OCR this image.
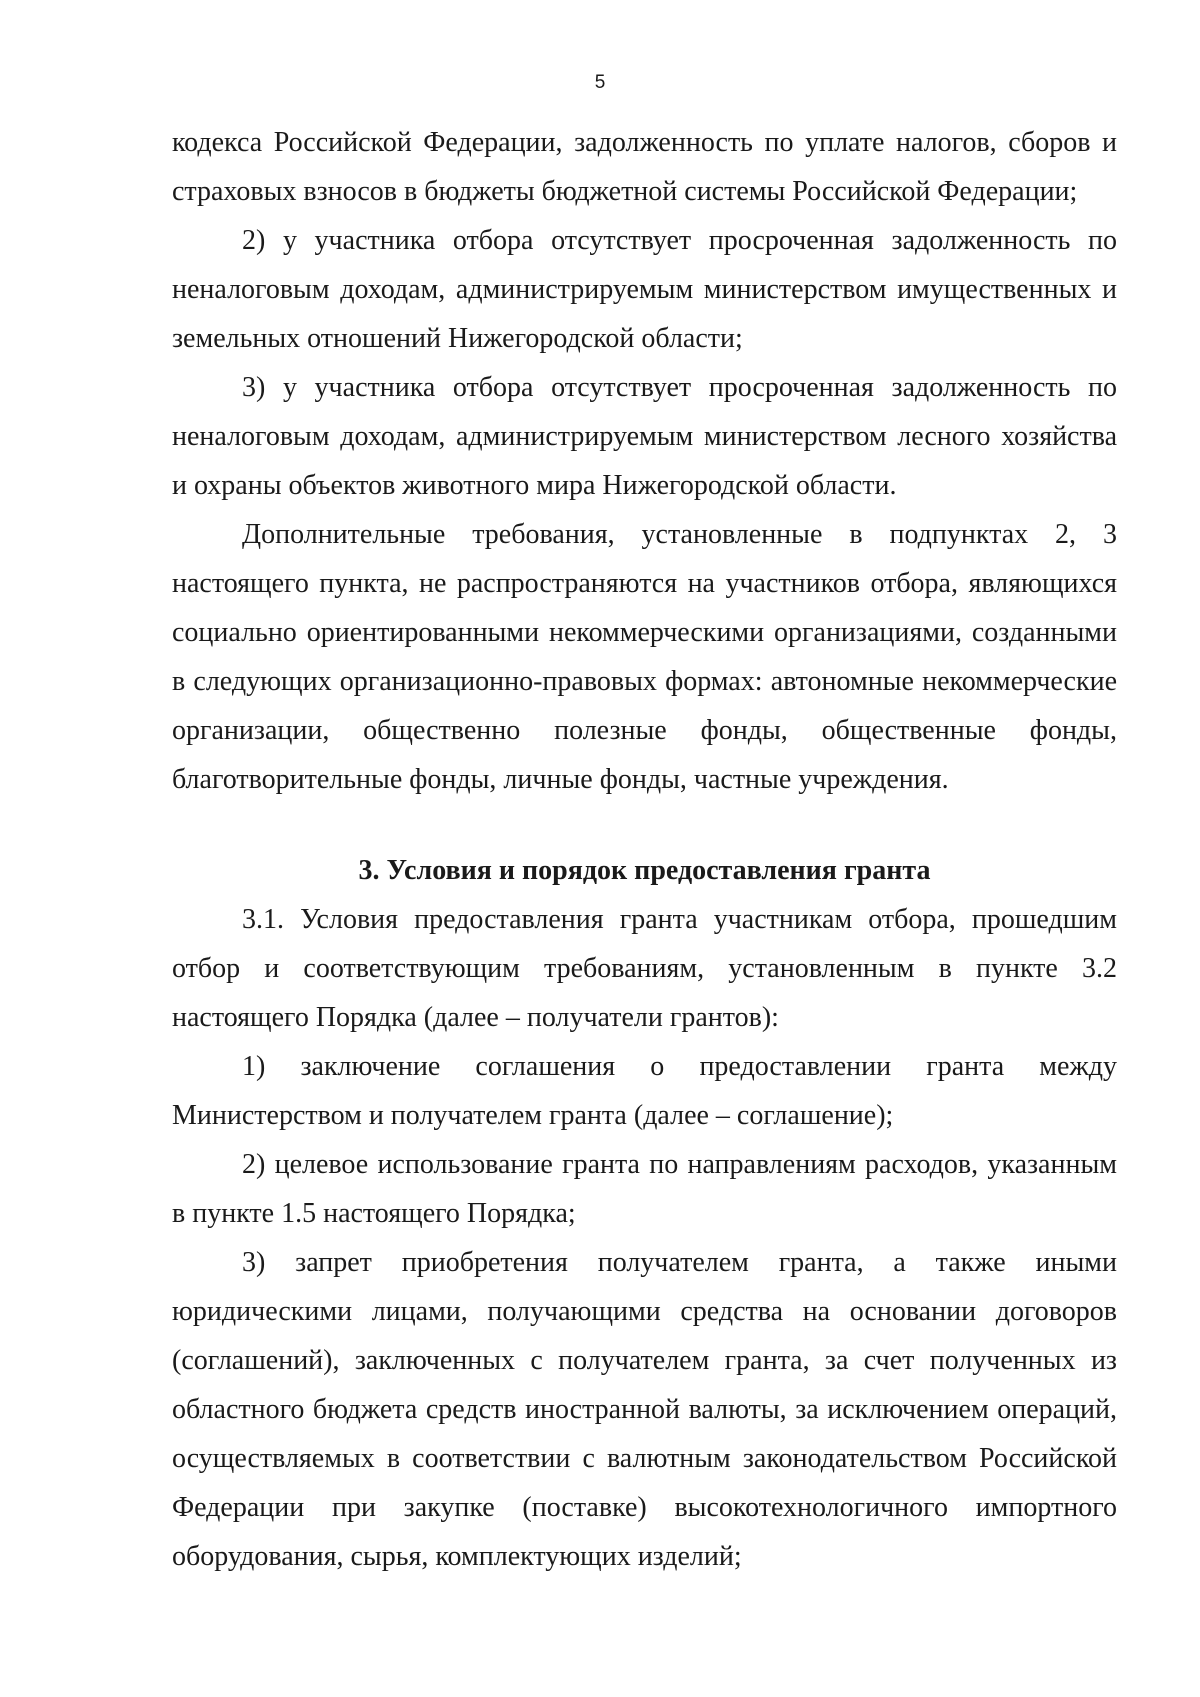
5

кодекса Российской Федерации, задолженность по уплате налогов, сборов и страховых взносов в бюджеты бюджетной системы Российской Федерации;

2) у участника отбора отсутствует просроченная задолженность по неналоговым доходам, администрируемым министерством имущественных и земельных отношений Нижегородской области;

3) у участника отбора отсутствует просроченная задолженность по неналоговым доходам, администрируемым министерством лесного хозяйства и охраны объектов животного мира Нижегородской области.

Дополнительные требования, установленные в подпунктах 2, 3 настоящего пункта, не распространяются на участников отбора, являющихся социально ориентированными некоммерческими организациями, созданными в следующих организационно-правовых формах: автономные некоммерческие организации, общественно полезные фонды, общественные фонды, благотворительные фонды, личные фонды, частные учреждения.

3. Условия и порядок предоставления гранта

3.1. Условия предоставления гранта участникам отбора, прошедшим отбор и соответствующим требованиям, установленным в пункте 3.2 настоящего Порядка (далее – получатели грантов):

1) заключение соглашения о предоставлении гранта между Министерством и получателем гранта (далее – соглашение);

2) целевое использование гранта по направлениям расходов, указанным в пункте 1.5 настоящего Порядка;

3) запрет приобретения получателем гранта, а также иными юридическими лицами, получающими средства на основании договоров (соглашений), заключенных с получателем гранта, за счет полученных из областного бюджета средств иностранной валюты, за исключением операций, осуществляемых в соответствии с валютным законодательством Российской Федерации при закупке (поставке) высокотехнологичного импортного оборудования, сырья, комплектующих изделий;
